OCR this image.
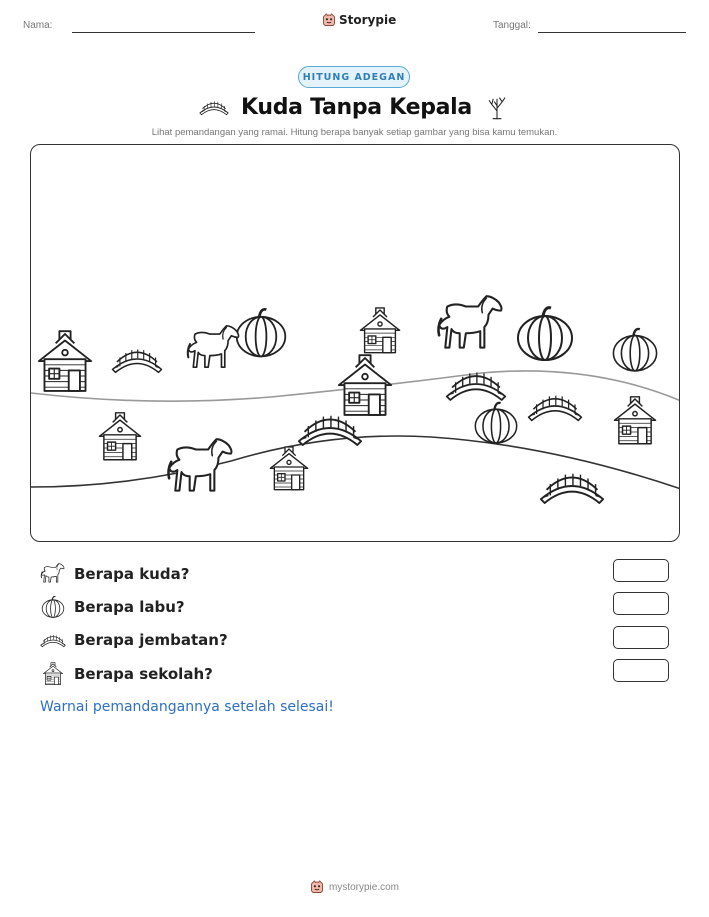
Nama:	Storypie	Tanggal:
HITUNG ADEGAN
Kuda Tanpa Kepala
Lihat pemandangan yang ramai. Hitung berapa banyak setiap gambar yang bisa kamu temukan.
Berapa kuda?
Berapa labu?
Berapa jembatan?
Berapa sekolah?
Warnai pemandangannya setelah selesai!
mystorypie.com
